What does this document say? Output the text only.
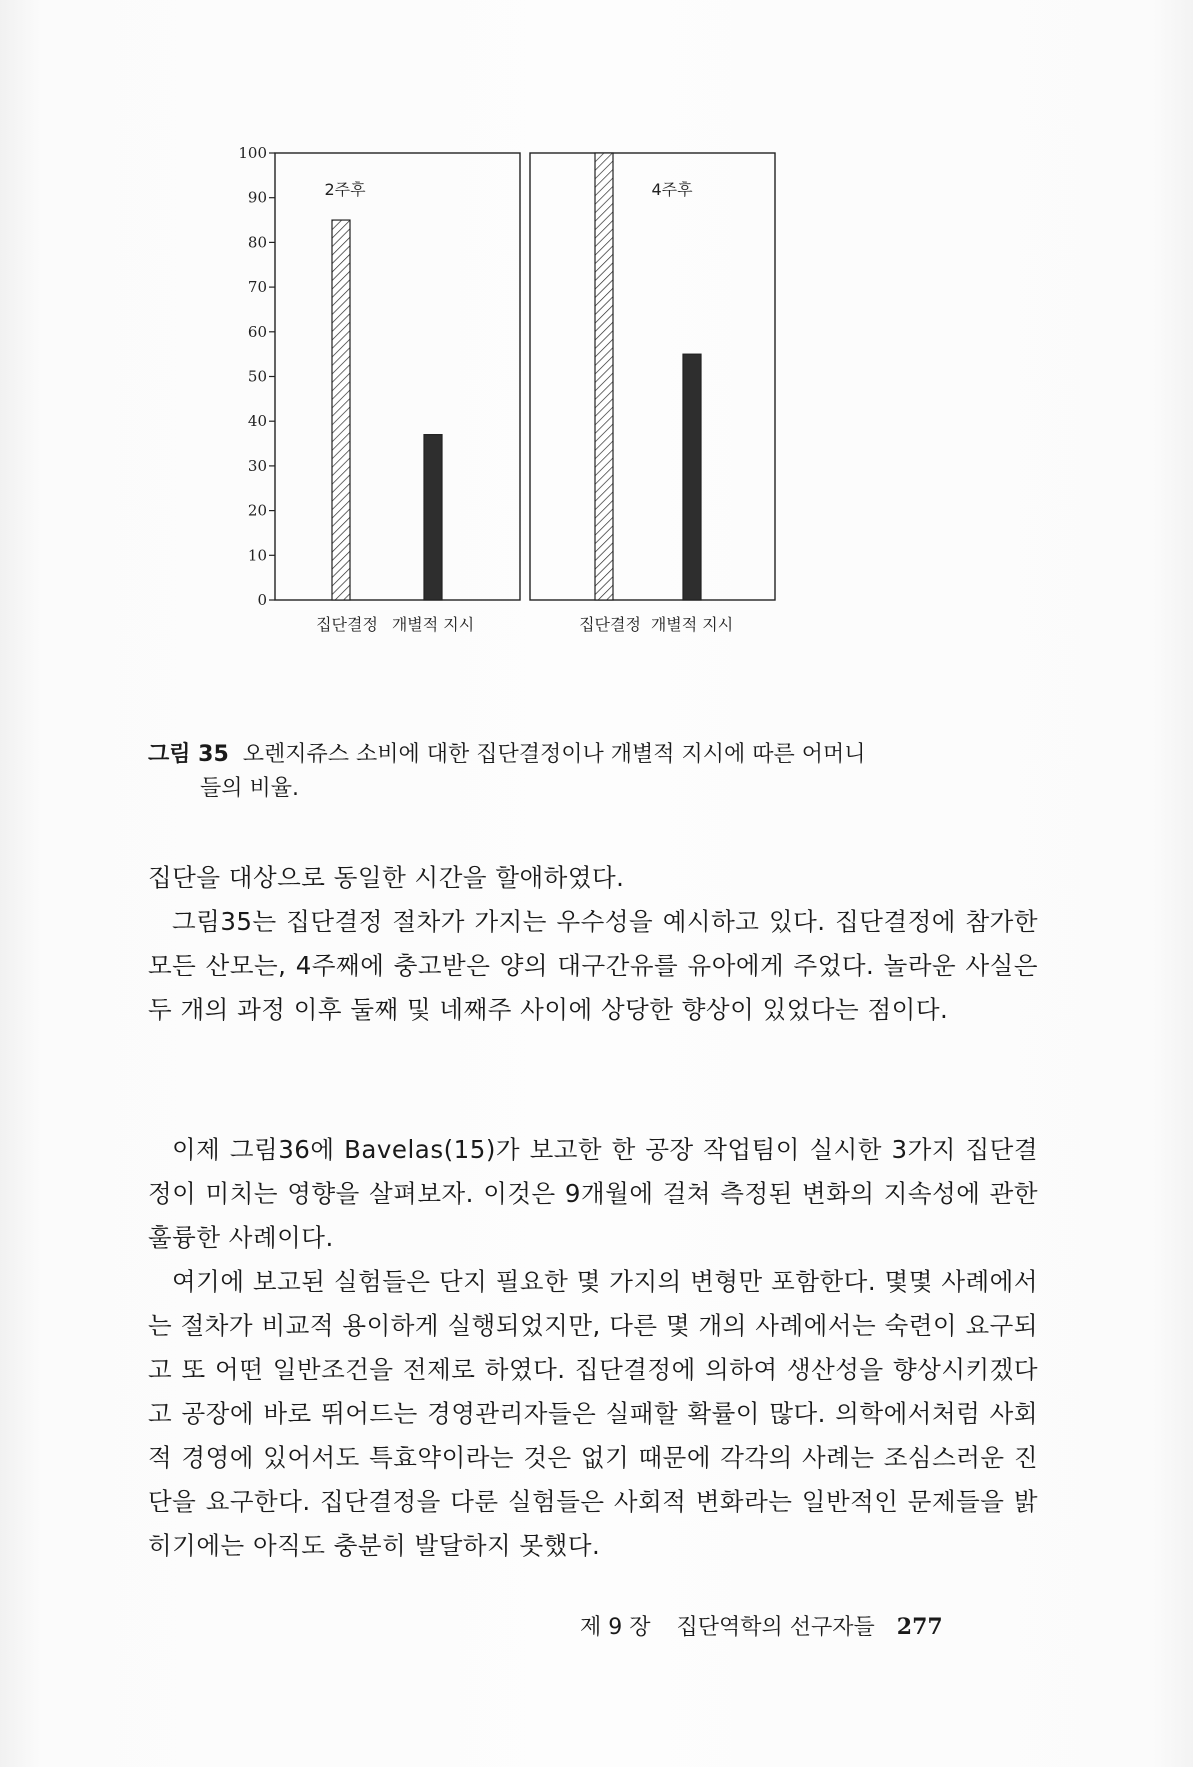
0
10
20
30
40
50
60
70
80
90
100
2주후
집단결정 개별적 지시
4주후
집단결정 개별적 지시
그림 35 오렌지쥬스 소비에 대한 집단결정이나 개별적 지시에 따른 어머니
들의 비율.

집단을 대상으로 동일한 시간을 할애하였다.

그림35는 집단결정 절차가 가지는 우수성을 예시하고 있다. 집단결정에 참가한 모든 산모는, 4주째에 충고받은 양의 대구간유를 유아에게 주었다. 놀라운 사실은 두 개의 과정 이후 둘째 및 네째주 사이에 상당한 향상이 있었다는 점이다.

이제 그림36에 Bavelas(15)가 보고한 한 공장 작업팀이 실시한 3가지 집단결정이 미치는 영향을 살펴보자. 이것은 9개월에 걸쳐 측정된 변화의 지속성에 관한 훌륭한 사례이다.

여기에 보고된 실험들은 단지 필요한 몇 가지의 변형만 포함한다. 몇몇 사례에서는 절차가 비교적 용이하게 실행되었지만, 다른 몇 개의 사례에서는 숙련이 요구되고 또 어떤 일반조건을 전제로 하였다. 집단결정에 의하여 생산성을 향상시키겠다고 공장에 바로 뛰어드는 경영관리자들은 실패할 확률이 많다. 의학에서처럼 사회적 경영에 있어서도 특효약이라는 것은 없기 때문에 각각의 사례는 조심스러운 진단을 요구한다. 집단결정을 다룬 실험들은 사회적 변화라는 일반적인 문제들을 밝히기에는 아직도 충분히 발달하지 못했다.

제 9 장 집단역학의 선구자들 277
